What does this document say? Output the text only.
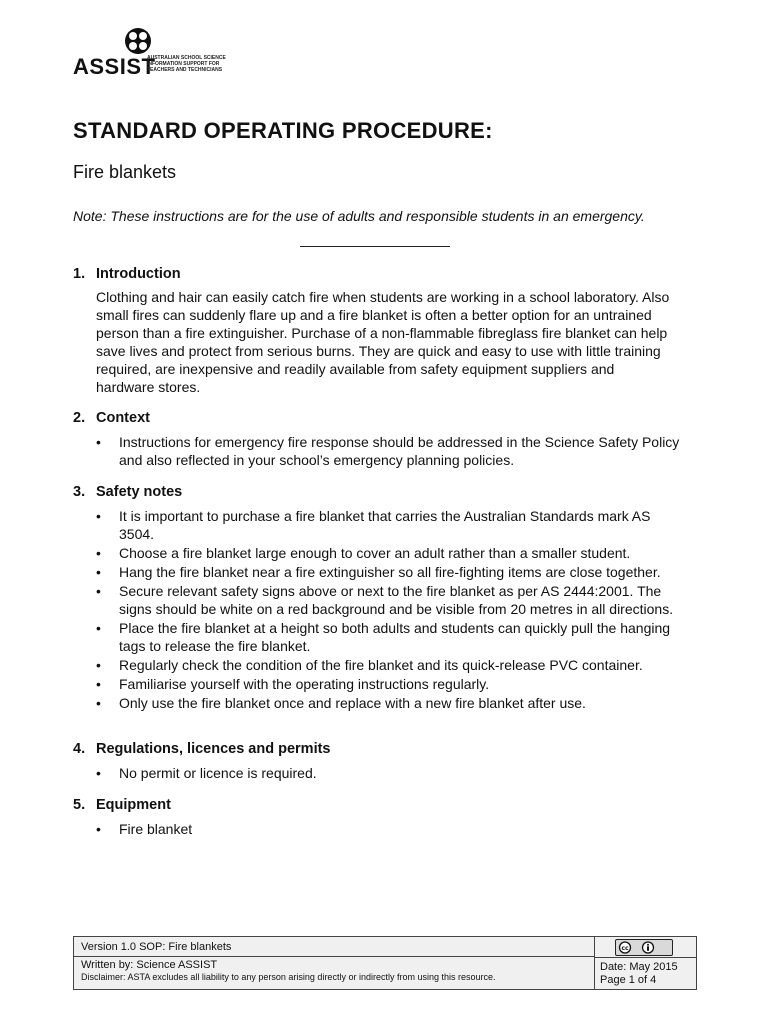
ASSIST
AUSTRALIAN SCHOOL SCIENCE
INFORMATION SUPPORT FOR
TEACHERS AND TECHNICIANS
STANDARD OPERATING PROCEDURE:
Fire blankets

Note: These instructions are for the use of adults and responsible students in an emergency.

1. Introduction

Clothing and hair can easily catch fire when students are working in a school laboratory. Also small fires can suddenly flare up and a fire blanket is often a better option for an untrained person than a fire extinguisher. Purchase of a non-flammable fibreglass fire blanket can help save lives and protect from serious burns. They are quick and easy to use with little training required, are inexpensive and readily available from safety equipment suppliers and hardware stores.

2. Context
• Instructions for emergency fire response should be addressed in the Science Safety Policy and also reflected in your school’s emergency planning policies.
3. Safety notes
• It is important to purchase a fire blanket that carries the Australian Standards mark AS 3504.
• Choose a fire blanket large enough to cover an adult rather than a smaller student.
• Hang the fire blanket near a fire extinguisher so all fire-fighting items are close together.
• Secure relevant safety signs above or next to the fire blanket as per AS 2444:2001. The signs should be white on a red background and be visible from 20 metres in all directions.
• Place the fire blanket at a height so both adults and students can quickly pull the hanging tags to release the fire blanket.
• Regularly check the condition of the fire blanket and its quick-release PVC container.
• Familiarise yourself with the operating instructions regularly.
• Only use the fire blanket once and replace with a new fire blanket after use.
4. Regulations, licences and permits
• No permit or licence is required.
5. Equipment
• Fire blanket
Version 1.0 SOP: Fire blankets
Written by: Science ASSIST
Disclaimer: ASTA excludes all liability to any person arising directly or indirectly from using this resource.
cc
Date: May 2015
Page 1 of 4
